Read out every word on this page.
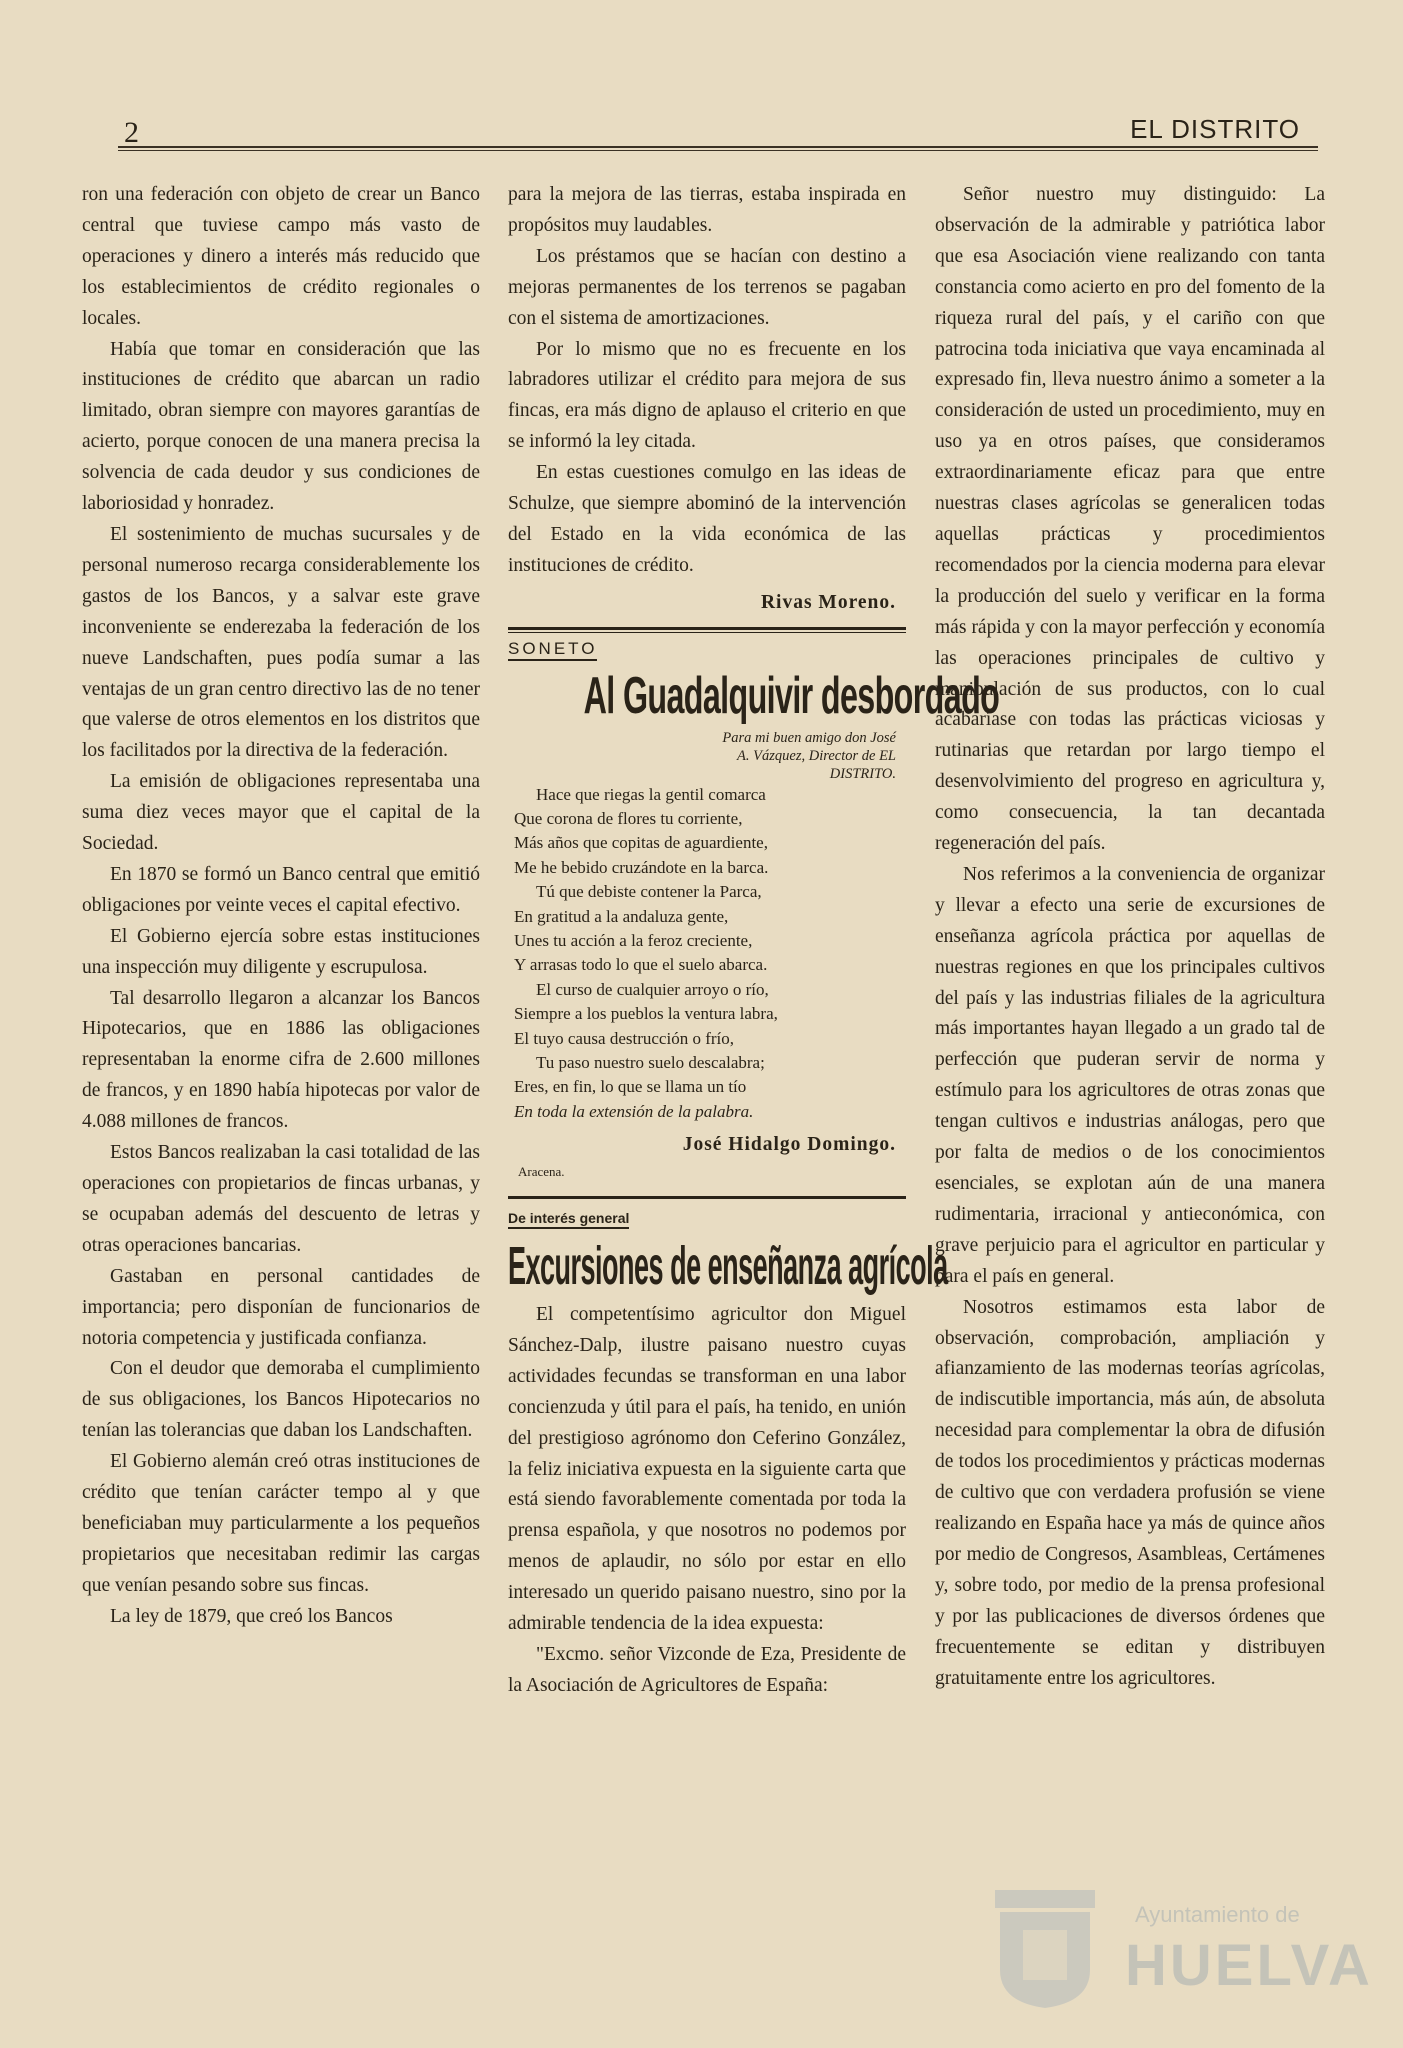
2	EL DISTRITO

ron una federación con objeto de crear un Banco central que tuviese campo más vasto de operaciones y dinero a interés más reducido que los establecimientos de crédito regionales o locales.

Había que tomar en consideración que las instituciones de crédito que abarcan un radio limitado, obran siempre con mayores garantías de acierto, porque conocen de una manera precisa la solvencia de cada deudor y sus condiciones de laboriosidad y honradez.

El sostenimiento de muchas sucursales y de personal numeroso recarga considerablemente los gastos de los Bancos, y a salvar este grave inconveniente se enderezaba la federación de los nueve Landschaften, pues podía sumar a las ventajas de un gran centro directivo las de no tener que valerse de otros elementos en los distritos que los facilitados por la directiva de la federación.

La emisión de obligaciones representaba una suma diez veces mayor que el capital de la Sociedad.

En 1870 se formó un Banco central que emitió obligaciones por veinte veces el capital efectivo.

El Gobierno ejercía sobre estas instituciones una inspección muy diligente y escrupulosa.

Tal desarrollo llegaron a alcanzar los Bancos Hipotecarios, que en 1886 las obligaciones representaban la enorme cifra de 2.600 millones de francos, y en 1890 había hipotecas por valor de 4.088 millones de francos.

Estos Bancos realizaban la casi totalidad de las operaciones con propietarios de fincas urbanas, y se ocupaban además del descuento de letras y otras operaciones bancarias.

Gastaban en personal cantidades de importancia; pero disponían de funcionarios de notoria competencia y justificada confianza.

Con el deudor que demoraba el cumplimiento de sus obligaciones, los Bancos Hipotecarios no tenían las tolerancias que daban los Landschaften.

El Gobierno alemán creó otras instituciones de crédito que tenían carácter tempo al y que beneficiaban muy particularmente a los pequeños propietarios que necesitaban redimir las cargas que venían pesando sobre sus fincas.

La ley de 1879, que creó los Bancos

para la mejora de las tierras, estaba inspirada en propósitos muy laudables.

Los préstamos que se hacían con destino a mejoras permanentes de los terrenos se pagaban con el sistema de amortizaciones.

Por lo mismo que no es frecuente en los labradores utilizar el crédito para mejora de sus fincas, era más digno de aplauso el criterio en que se informó la ley citada.

En estas cuestiones comulgo en las ideas de Schulze, que siempre abominó de la intervención del Estado en la vida económica de las instituciones de crédito.

Rivas Moreno.
SONETO
Al Guadalquivir desbordado
Para mi buen amigo don José
A. Vázquez, Director de EL
DISTRITO.
Hace que riegas la gentil comarca
Que corona de flores tu corriente,
Más años que copitas de aguardiente,
Me he bebido cruzándote en la barca.
Tú que debiste contener la Parca,
En gratitud a la andaluza gente,
Unes tu acción a la feroz creciente,
Y arrasas todo lo que el suelo abarca.
El curso de cualquier arroyo o río,
Siempre a los pueblos la ventura labra,
El tuyo causa destrucción o frío,
Tu paso nuestro suelo descalabra;
Eres, en fin, lo que se llama un tío
En toda la extensión de la palabra.
José Hidalgo Domingo.
Aracena.
De interés general
Excursiones de enseñanza agrícola

El competentísimo agricultor don Miguel Sánchez-Dalp, ilustre paisano nuestro cuyas actividades fecundas se transforman en una labor concienzuda y útil para el país, ha tenido, en unión del prestigioso agrónomo don Ceferino González, la feliz iniciativa expuesta en la siguiente carta que está siendo favorablemente comentada por toda la prensa española, y que nosotros no podemos por menos de aplaudir, no sólo por estar en ello interesado un querido paisano nuestro, sino por la admirable tendencia de la idea expuesta:

"Excmo. señor Vizconde de Eza, Presidente de la Asociación de Agricultores de España:

Señor nuestro muy distinguido: La observación de la admirable y patriótica labor que esa Asociación viene realizando con tanta constancia como acierto en pro del fomento de la riqueza rural del país, y el cariño con que patrocina toda iniciativa que vaya encaminada al expresado fin, lleva nuestro ánimo a someter a la consideración de usted un procedimiento, muy en uso ya en otros países, que consideramos extraordinariamente eficaz para que entre nuestras clases agrícolas se generalicen todas aquellas prácticas y procedimientos recomendados por la ciencia moderna para elevar la producción del suelo y verificar en la forma más rápida y con la mayor perfección y economía las operaciones principales de cultivo y manipulación de sus productos, con lo cual acabaríase con todas las prácticas viciosas y rutinarias que retardan por largo tiempo el desenvolvimiento del progreso en agricultura y, como consecuencia, la tan decantada regeneración del país.

Nos referimos a la conveniencia de organizar y llevar a efecto una serie de excursiones de enseñanza agrícola práctica por aquellas de nuestras regiones en que los principales cultivos del país y las industrias filiales de la agricultura más importantes hayan llegado a un grado tal de perfección que puderan servir de norma y estímulo para los agricultores de otras zonas que tengan cultivos e industrias análogas, pero que por falta de medios o de los conocimientos esenciales, se explotan aún de una manera rudimentaria, irracional y antieconómica, con grave perjuicio para el agricultor en particular y para el país en general.

Nosotros estimamos esta labor de observación, comprobación, ampliación y afianzamiento de las modernas teorías agrícolas, de indiscutible importancia, más aún, de absoluta necesidad para complementar la obra de difusión de todos los procedimientos y prácticas modernas de cultivo que con verdadera profusión se viene realizando en España hace ya más de quince años por medio de Congresos, Asambleas, Certámenes y, sobre todo, por medio de la prensa profesional y por las publicaciones de diversos órdenes que frecuentemente se editan y distribuyen gratuitamente entre los agricultores.

Ayuntamiento de
HUELVA
